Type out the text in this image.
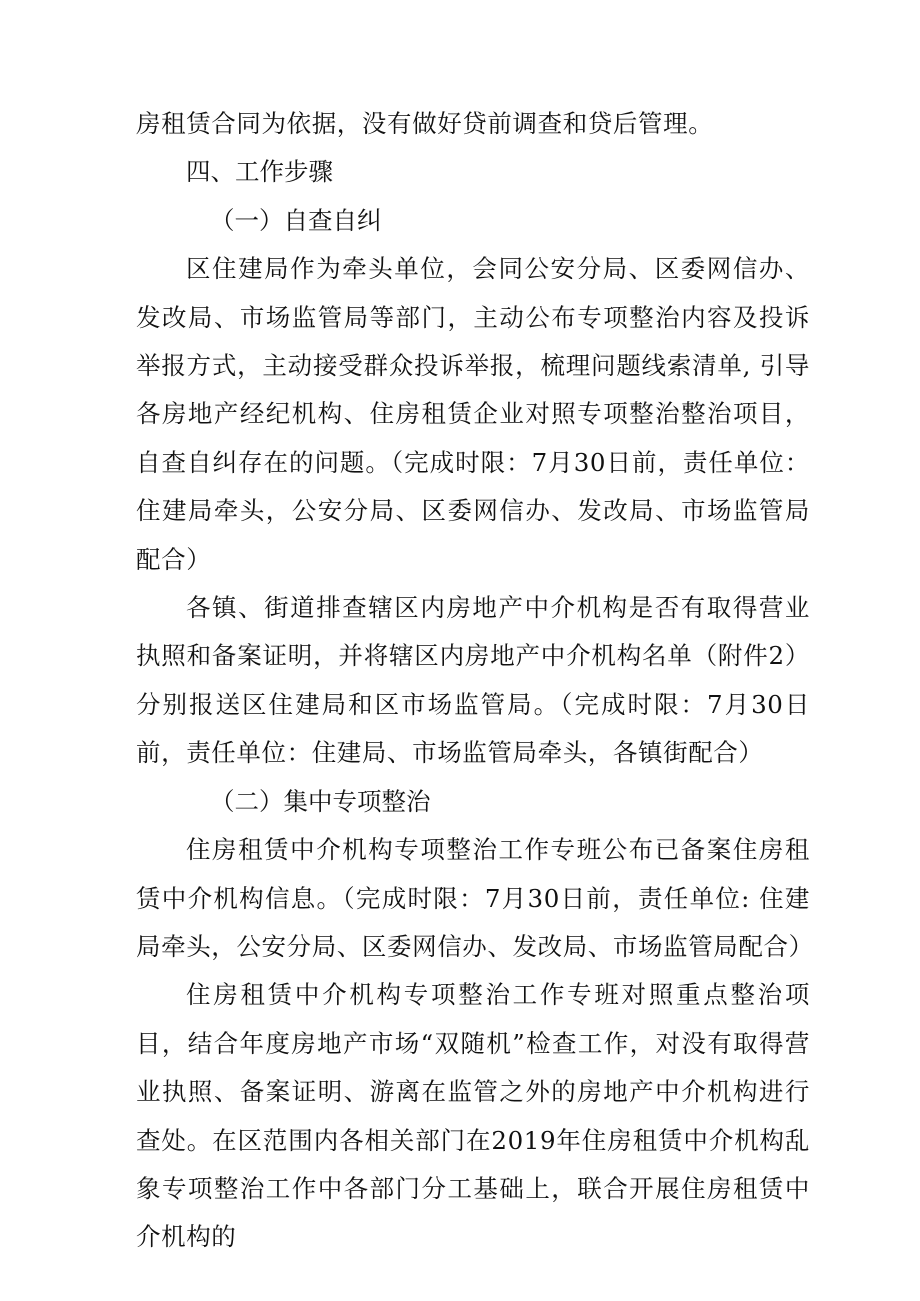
房租赁合同为依据，没有做好贷前调查和贷后管理。

四、工作步骤

（一）自查自纠

区住建局作为牵头单位，会同公安分局、区委网信办、发改局、市场监管局等部门，主动公布专项整治内容及投诉举报方式，主动接受群众投诉举报，梳理问题线索清单, 引导各房地产经纪机构、住房租赁企业对照专项整治整治项目，自查自纠存在的问题。（完成时限：7月30日前，责任单位：住建局牵头，公安分局、区委网信办、发改局、市场监管局配合）

各镇、街道排查辖区内房地产中介机构是否有取得营业执照和备案证明，并将辖区内房地产中介机构名单（附件2）分别报送区住建局和区市场监管局。（完成时限：7月30日前，责任单位：住建局、市场监管局牵头，各镇街配合）

（二）集中专项整治

住房租赁中介机构专项整治工作专班公布已备案住房租赁中介机构信息。（完成时限：7月30日前，责任单位: 住建局牵头，公安分局、区委网信办、发改局、市场监管局配合）

住房租赁中介机构专项整治工作专班对照重点整治项目，结合年度房地产市场“双随机”检查工作，对没有取得营业执照、备案证明、游离在监管之外的房地产中介机构进行查处。在区范围内各相关部门在2019年住房租赁中介机构乱象专项整治工作中各部门分工基础上，联合开展住房租赁中介机构的
